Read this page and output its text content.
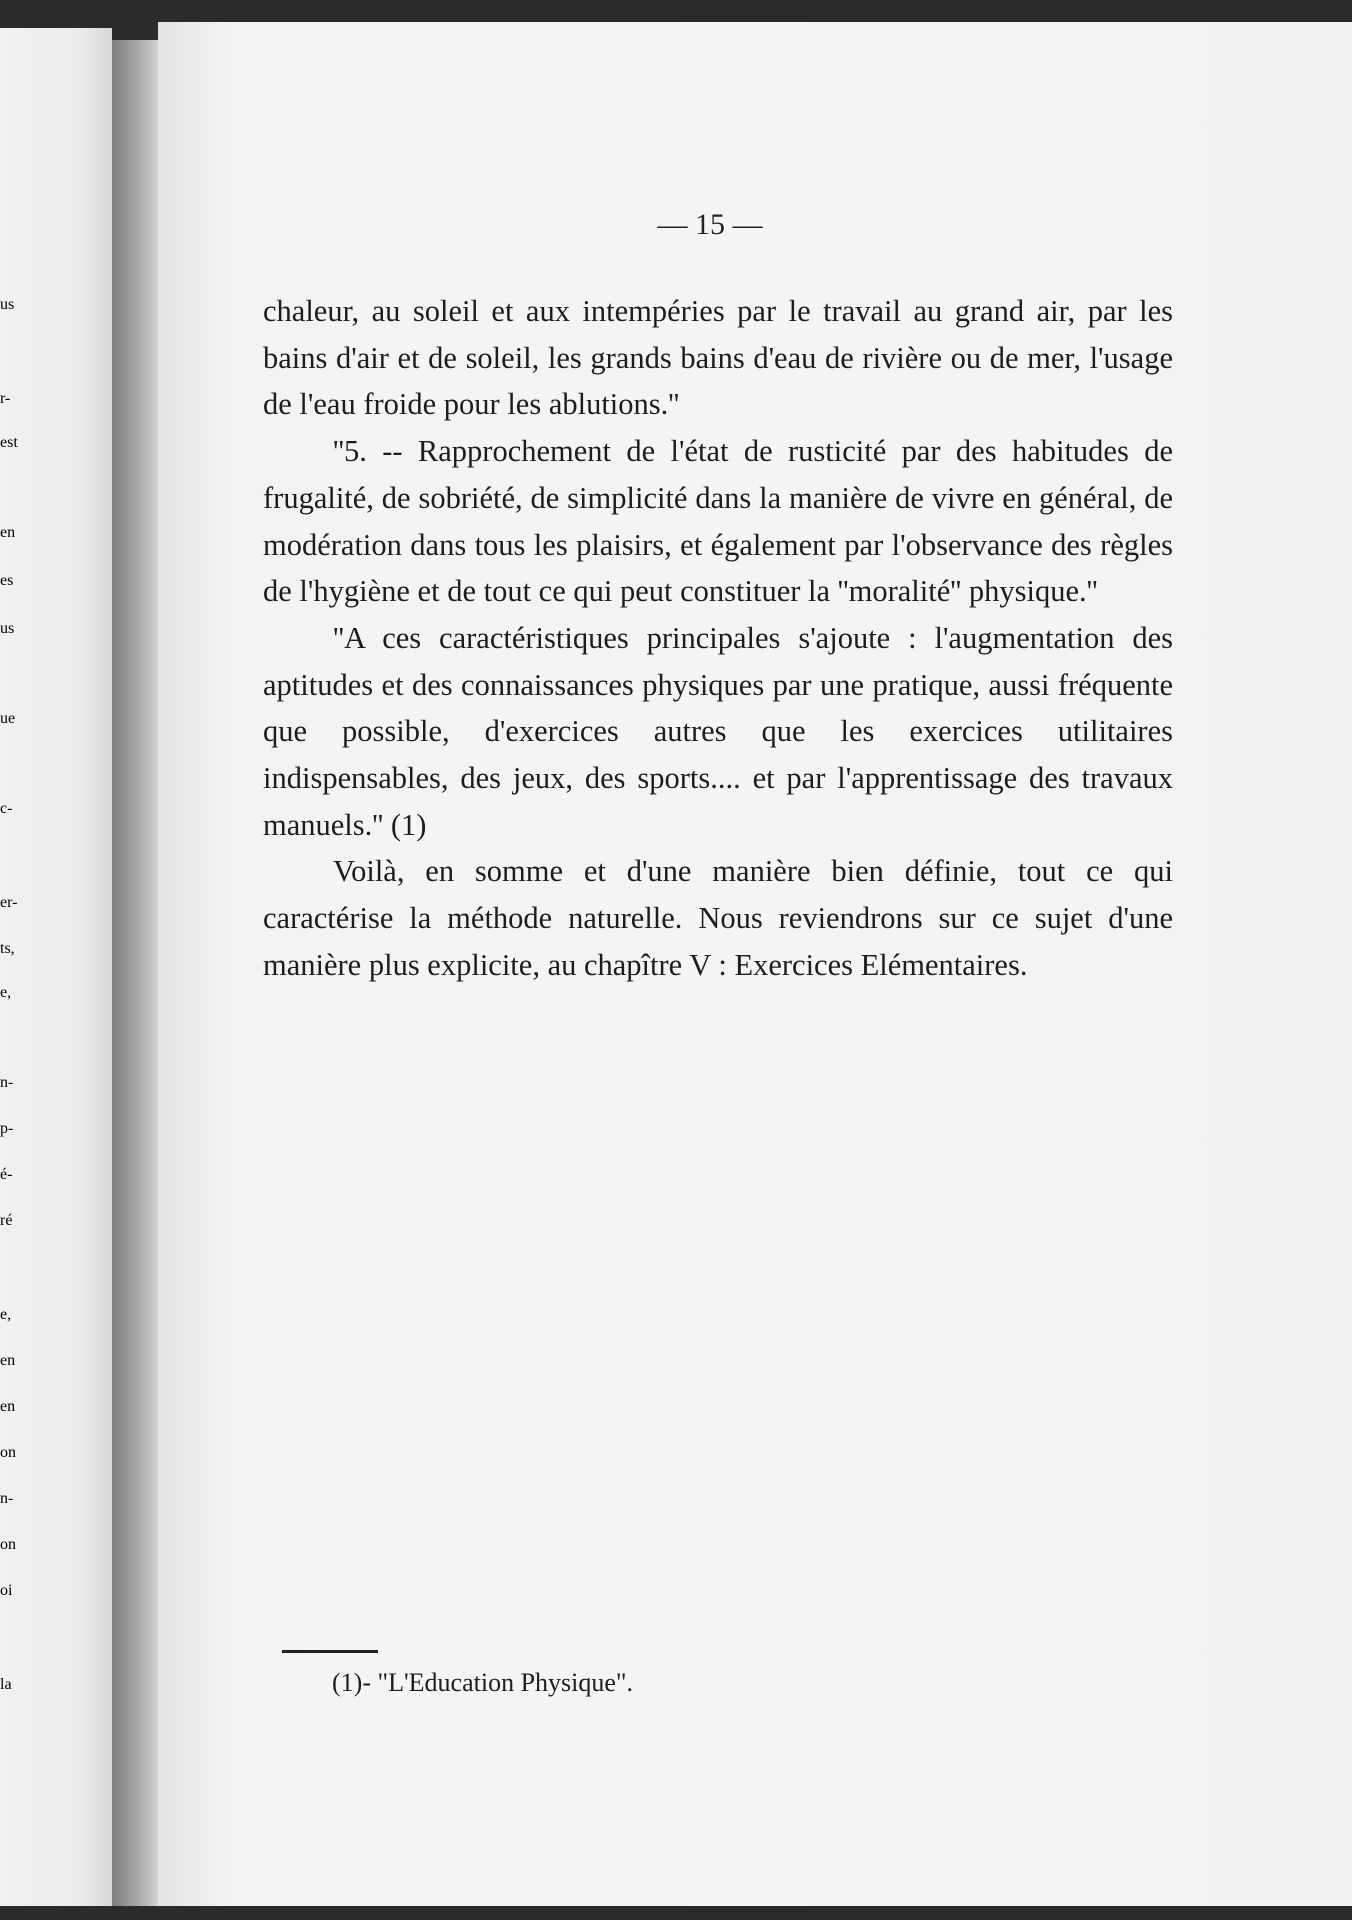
us
r-
est
en
es
us
ue
c-
er-
ts,
e,
n-
p-
é-
ré
e,
en
en
on
n-
on
oi
la
— 15 —

chaleur, au soleil et aux intempéries par le travail au grand air, par les bains d'air et de soleil, les grands bains d'eau de rivière ou de mer, l'usage de l'eau froide pour les ablutions.''

''5. -- Rapprochement de l'état de rusticité par des habitudes de frugalité, de sobriété, de simplicité dans la manière de vivre en général, de modération dans tous les plaisirs, et également par l'observance des règles de l'hygiène et de tout ce qui peut constituer la ''moralité'' physique.''

''A ces caractéristiques principales s'ajoute : l'augmentation des aptitudes et des connaissances physiques par une pratique, aussi fréquente que possible, d'exercices autres que les exercices utilitaires indispensables, des jeux, des sports.... et par l'apprentissage des travaux manuels.'' (1)

Voilà, en somme et d'une manière bien définie, tout ce qui caractérise la méthode naturelle. Nous reviendrons sur ce sujet d'une manière plus explicite, au chapître V : Exercices Elémentaires.

(1)- "L'Education Physique".
